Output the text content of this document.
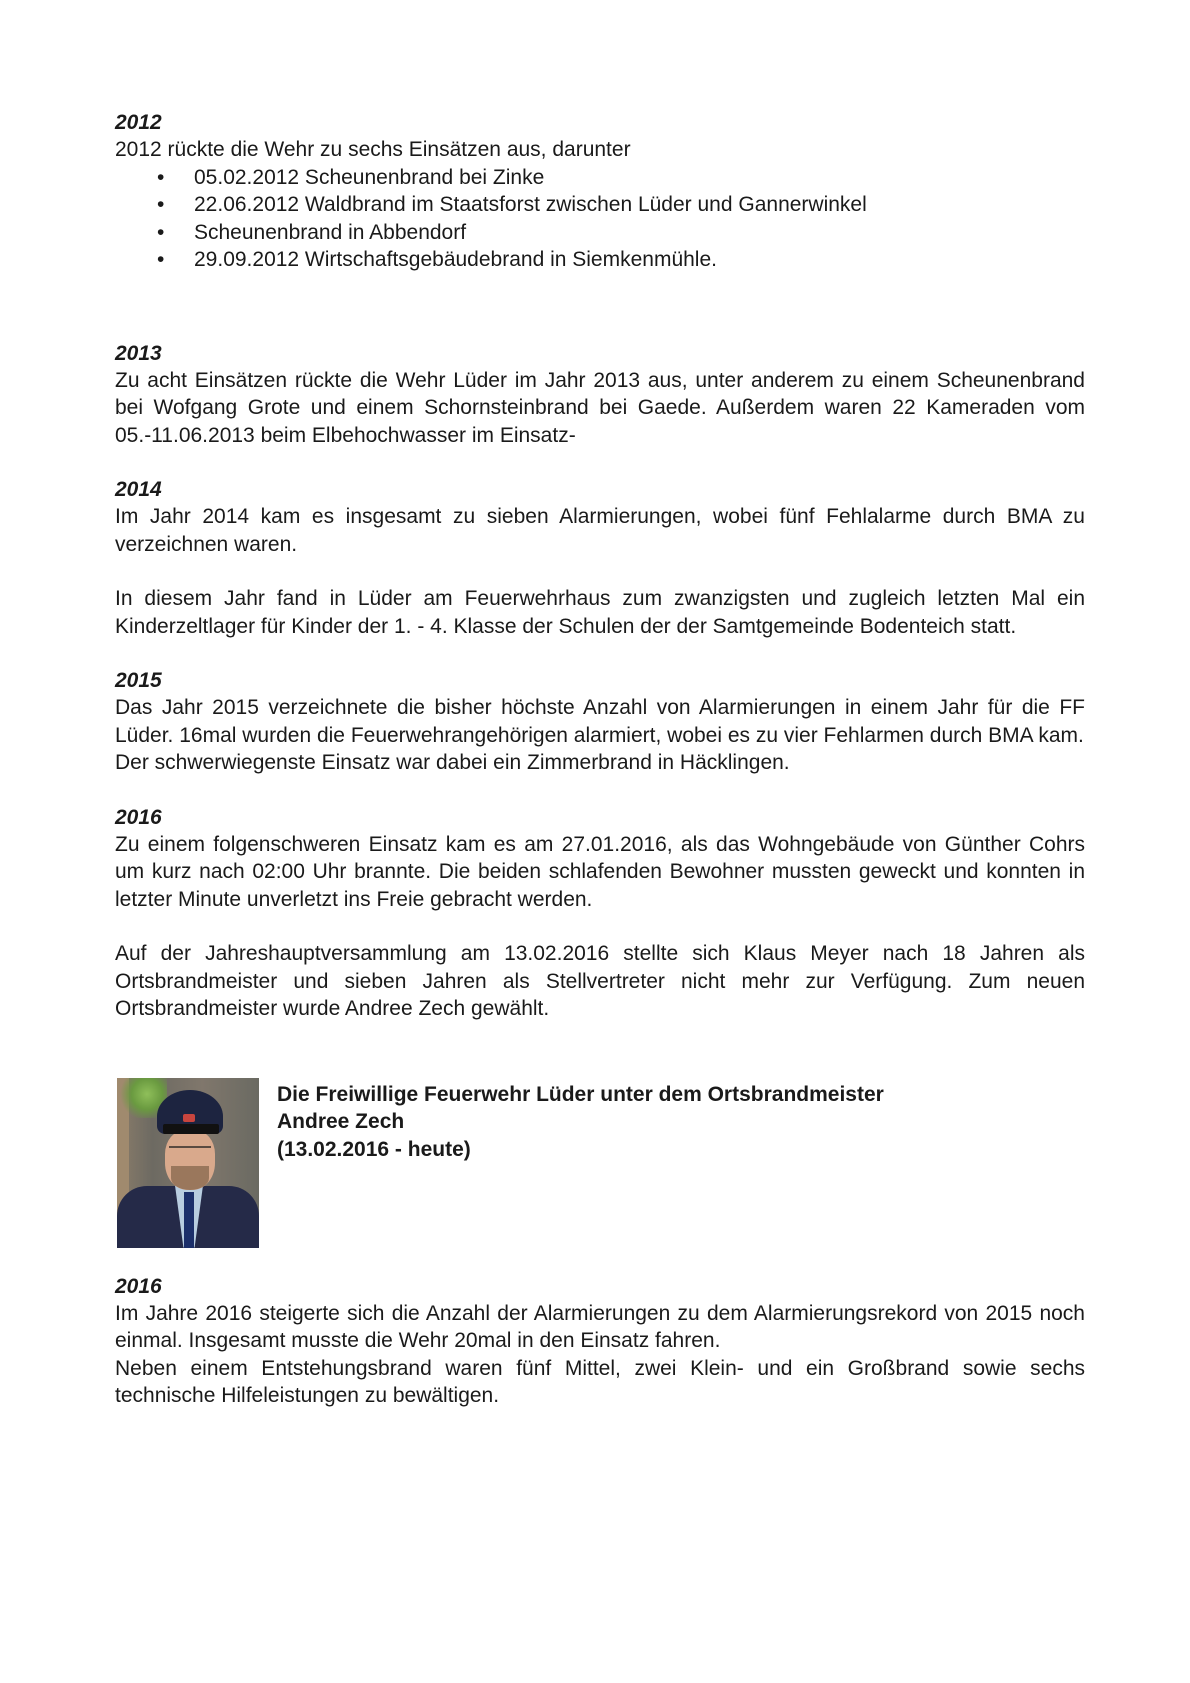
2012

2012 rückte die Wehr zu sechs Einsätzen aus, darunter

• 05.02.2012 Scheunenbrand bei Zinke
• 22.06.2012 Waldbrand im Staatsforst zwischen Lüder und Gannerwinkel
• Scheunenbrand in Abbendorf
• 29.09.2012 Wirtschaftsgebäudebrand in Siemkenmühle.

2013

Zu acht Einsätzen rückte die Wehr Lüder im Jahr 2013 aus, unter anderem zu einem Scheunenbrand bei Wofgang Grote und einem Schornsteinbrand bei Gaede. Außerdem waren 22 Kameraden vom 05.-11.06.2013 beim Elbehochwasser im Einsatz-

2014

Im Jahr 2014 kam es insgesamt zu sieben Alarmierungen, wobei fünf Fehlalarme durch BMA zu verzeichnen waren.

In diesem Jahr fand in Lüder am Feuerwehrhaus zum zwanzigsten und zugleich letzten Mal ein Kinderzeltlager für Kinder der 1. - 4. Klasse der Schulen der der Samtgemeinde Bodenteich statt.

2015

Das Jahr 2015 verzeichnete die bisher höchste Anzahl von Alarmierungen in einem Jahr für die FF Lüder. 16mal wurden die Feuerwehrangehörigen alarmiert, wobei es zu vier Fehlarmen durch BMA kam.

Der schwerwiegenste Einsatz war dabei ein Zimmerbrand in Häcklingen.

2016

Zu einem folgenschweren Einsatz kam es am 27.01.2016, als das Wohngebäude von Günther Cohrs um kurz nach 02:00 Uhr brannte. Die beiden schlafenden Bewohner mussten geweckt und konnten in letzter Minute unverletzt ins Freie gebracht werden.

Auf der Jahreshauptversammlung am 13.02.2016 stellte sich Klaus Meyer nach 18 Jahren als Ortsbrandmeister und sieben Jahren als Stellvertreter nicht mehr zur Verfügung. Zum neuen Ortsbrandmeister wurde Andree Zech gewählt.

Die Freiwillige Feuerwehr Lüder unter dem Ortsbrandmeister
Andree Zech
(13.02.2016 - heute)

2016

Im Jahre 2016 steigerte sich die Anzahl der Alarmierungen zu dem Alarmierungsrekord von 2015 noch einmal. Insgesamt musste die Wehr 20mal in den Einsatz fahren.

Neben einem Entstehungsbrand waren fünf Mittel, zwei Klein- und ein Großbrand sowie sechs technische Hilfeleistungen zu bewältigen.
